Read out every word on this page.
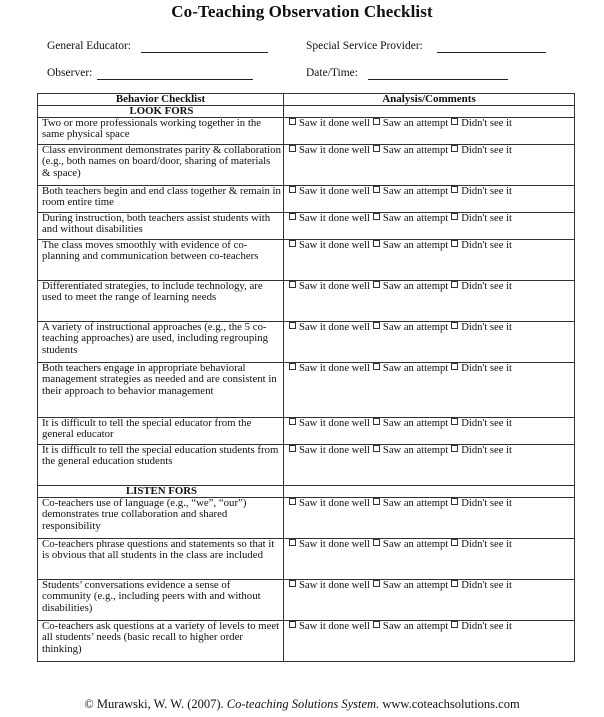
Co-Teaching Observation Checklist
General Educator:	Special Service Provider:
Observer:	Date/Time:
Behavior Checklist	Analysis/Comments
LOOK FORS	
Two or more professionals working together in the same physical space	Saw it done well Saw an attempt Didn't see it
Class environment demonstrates parity & collaboration (e.g., both names on board/door, sharing of materials & space)	Saw it done well Saw an attempt Didn't see it
Both teachers begin and end class together & remain in room entire time	Saw it done well Saw an attempt Didn't see it
During instruction, both teachers assist students with and without disabilities	Saw it done well Saw an attempt Didn't see it
The class moves smoothly with evidence of co-planning and communication between co-teachers	Saw it done well Saw an attempt Didn't see it
Differentiated strategies, to include technology, are used to meet the range of learning needs	Saw it done well Saw an attempt Didn't see it
A variety of instructional approaches (e.g., the 5 co-teaching approaches) are used, including regrouping students	Saw it done well Saw an attempt Didn't see it
Both teachers engage in appropriate behavioral management strategies as needed and are consistent in their approach to behavior management	Saw it done well Saw an attempt Didn't see it
It is difficult to tell the special educator from the general educator	Saw it done well Saw an attempt Didn't see it
It is difficult to tell the special education students from the general education students	Saw it done well Saw an attempt Didn't see it
LISTEN FORS	
Co-teachers use of language (e.g., “we”, “our”) demonstrates true collaboration and shared responsibility	Saw it done well Saw an attempt Didn't see it
Co-teachers phrase questions and statements so that it is obvious that all students in the class are included	Saw it done well Saw an attempt Didn't see it
Students’ conversations evidence a sense of community (e.g., including peers with and without disabilities)	Saw it done well Saw an attempt Didn't see it
Co-teachers ask questions at a variety of levels to meet all students’ needs (basic recall to higher order thinking)	Saw it done well Saw an attempt Didn't see it
© Murawski, W. W. (2007). Co-teaching Solutions System. www.coteachsolutions.com
